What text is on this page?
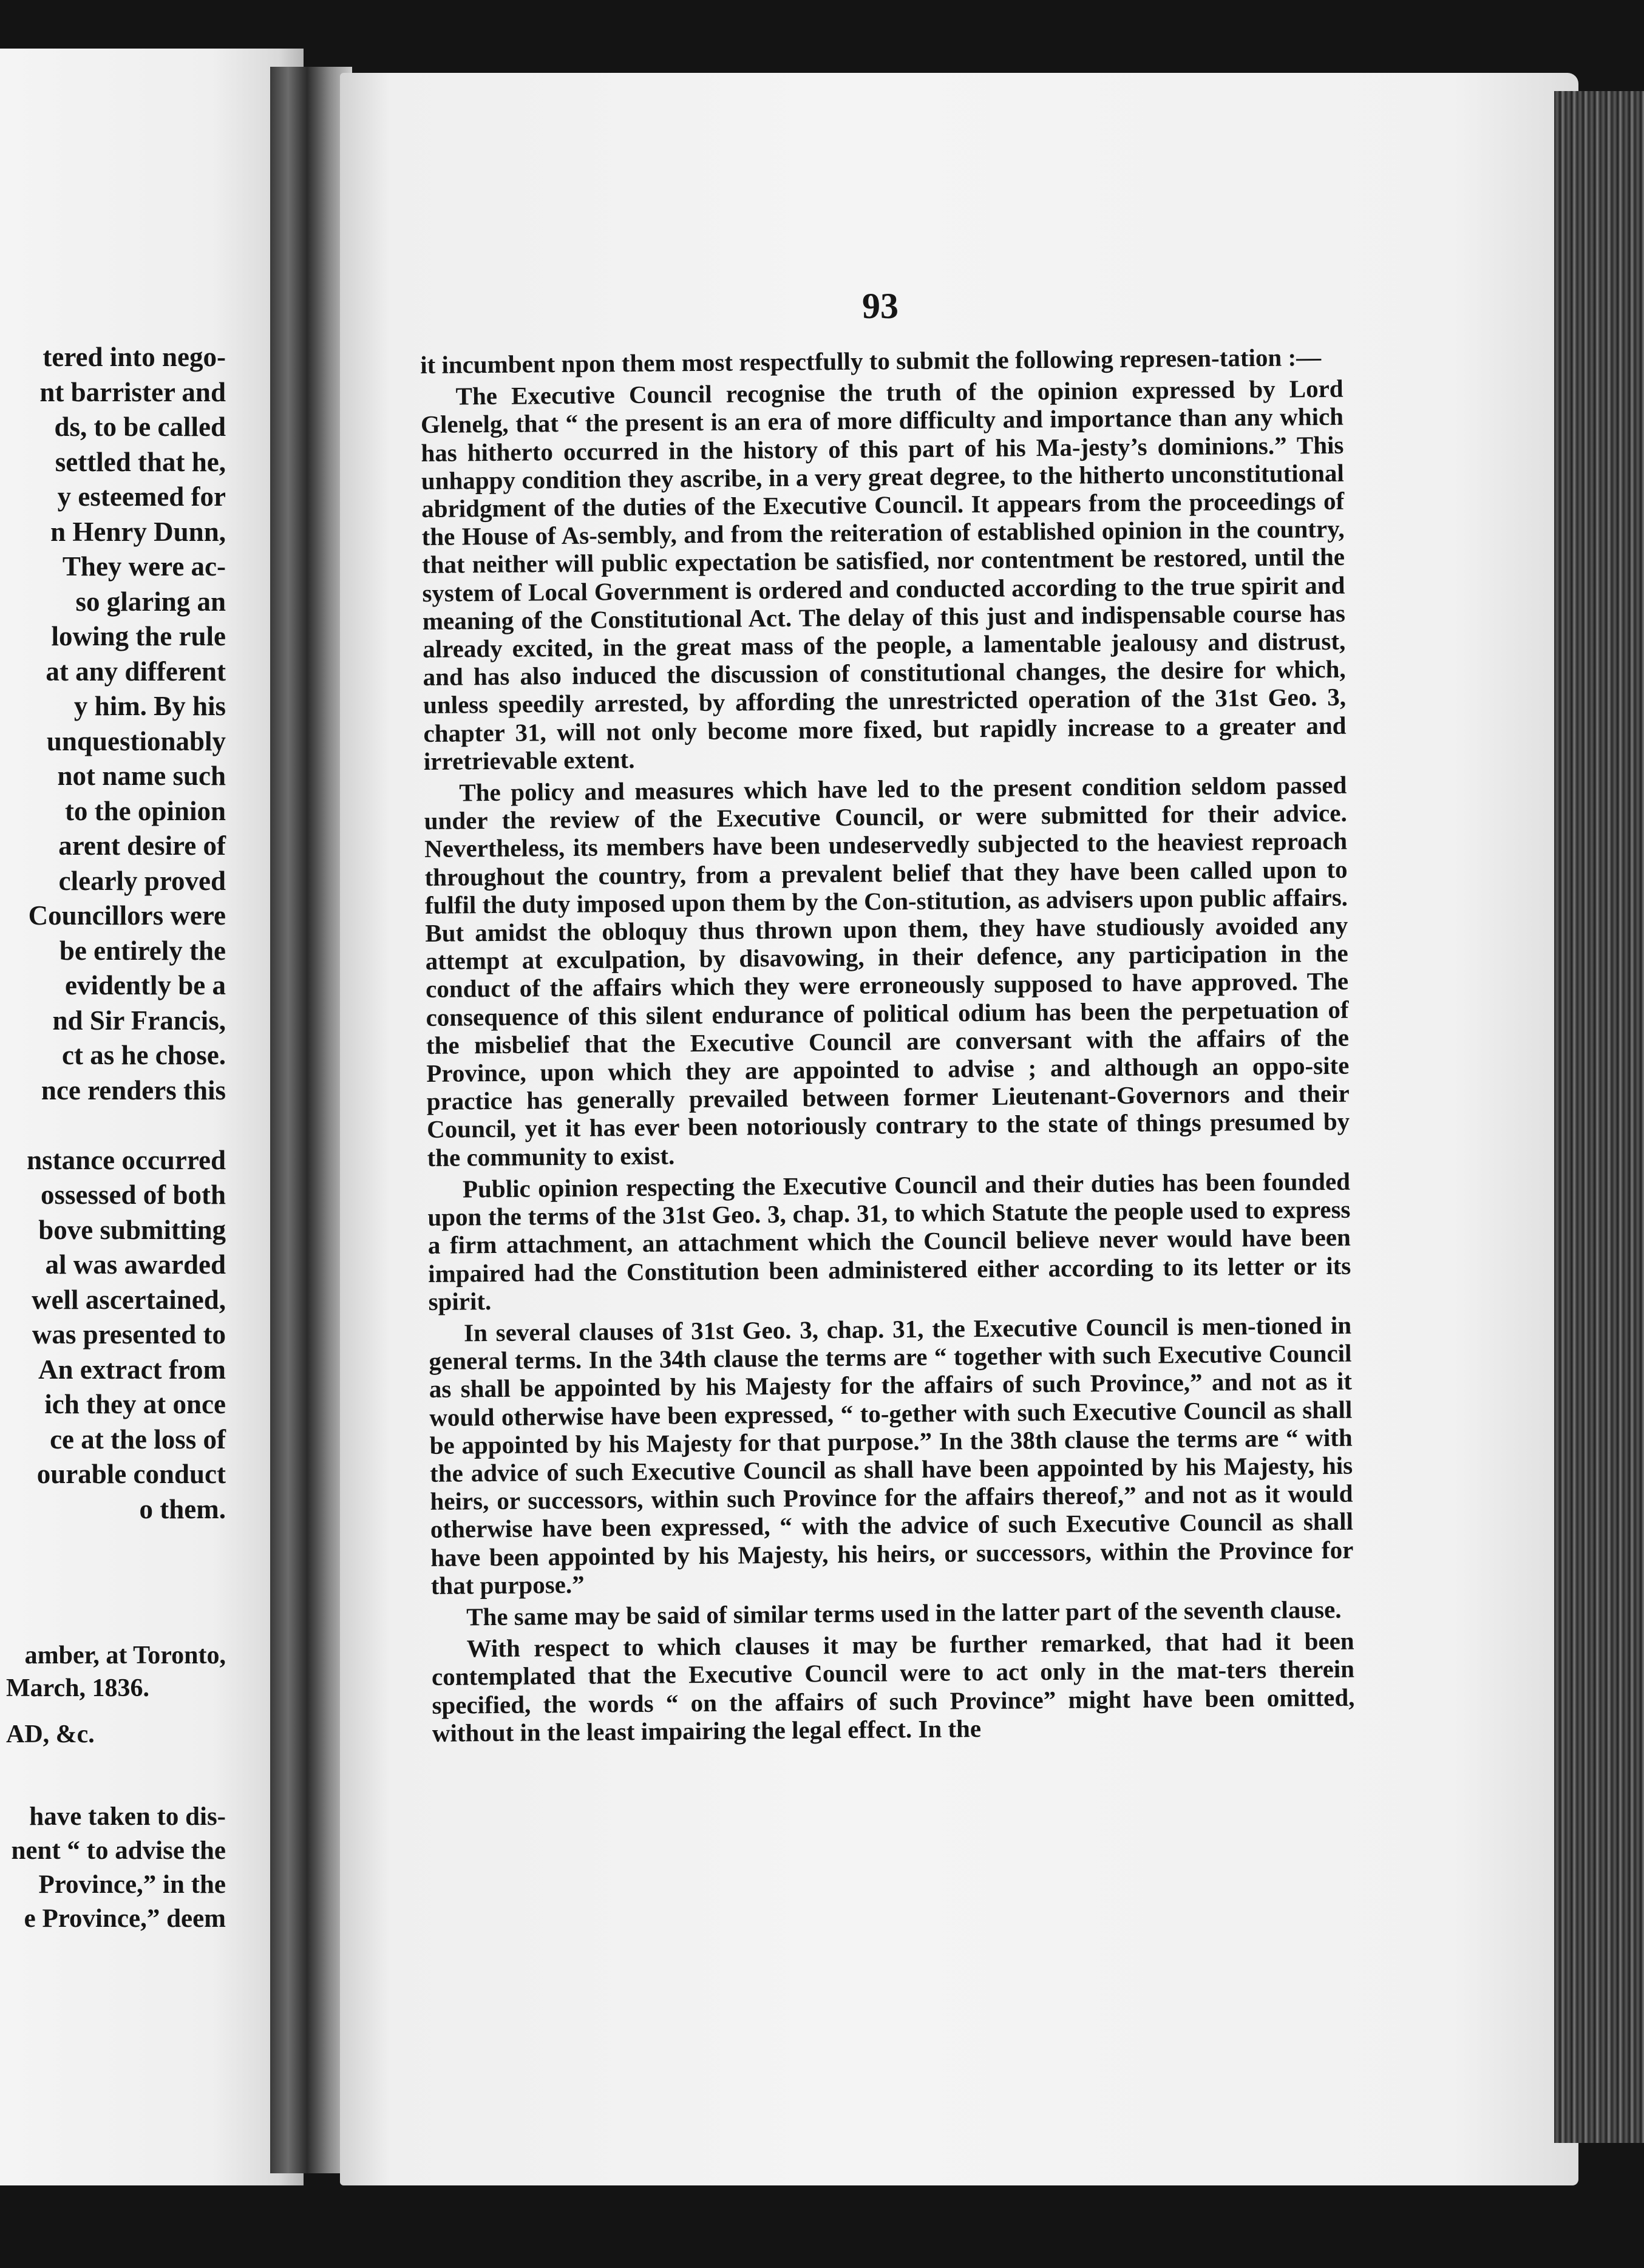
tered into nego-
nt barrister and
ds, to be called
settled that he,
y esteemed for
n Henry Dunn,
They were ac-
so glaring an
lowing the rule
at any different
y him. By his
unquestionably
not name such
to the opinion
arent desire of
clearly proved
Councillors were
be entirely the
evidently be a
nd Sir Francis,
ct as he chose.
nce renders this
nstance occurred
ossessed of both
bove submitting
al was awarded
well ascertained,
was presented to
An extract from
ich they at once
ce at the loss of
ourable conduct
o them.
amber, at Toronto,
March, 1836.
AD, &c.
have taken to dis-
nent “ to advise the
Province,” in the
e Province,” deem
93

it incumbent npon them most respectfully to submit the following represen-tation :—

The Executive Council recognise the truth of the opinion expressed by Lord Glenelg, that “ the present is an era of more difficulty and importance than any which has hitherto occurred in the history of this part of his Ma-jesty’s dominions.” This unhappy condition they ascribe, in a very great degree, to the hitherto unconstitutional abridgment of the duties of the Executive Council. It appears from the proceedings of the House of As-sembly, and from the reiteration of established opinion in the country, that neither will public expectation be satisfied, nor contentment be restored, until the system of Local Government is ordered and conducted according to the true spirit and meaning of the Constitutional Act. The delay of this just and indispensable course has already excited, in the great mass of the people, a lamentable jealousy and distrust, and has also induced the discussion of constitutional changes, the desire for which, unless speedily arrested, by affording the unrestricted operation of the 31st Geo. 3, chapter 31, will not only become more fixed, but rapidly increase to a greater and irretrievable extent.

The policy and measures which have led to the present condition seldom passed under the review of the Executive Council, or were submitted for their advice. Nevertheless, its members have been undeservedly subjected to the heaviest reproach throughout the country, from a prevalent belief that they have been called upon to fulfil the duty imposed upon them by the Con-stitution, as advisers upon public affairs. But amidst the obloquy thus thrown upon them, they have studiously avoided any attempt at exculpation, by disavowing, in their defence, any participation in the conduct of the affairs which they were erroneously supposed to have approved. The consequence of this silent endurance of political odium has been the perpetuation of the misbelief that the Executive Council are conversant with the affairs of the Province, upon which they are appointed to advise ; and although an oppo-site practice has generally prevailed between former Lieutenant-Governors and their Council, yet it has ever been notoriously contrary to the state of things presumed by the community to exist.

Public opinion respecting the Executive Council and their duties has been founded upon the terms of the 31st Geo. 3, chap. 31, to which Statute the people used to express a firm attachment, an attachment which the Council believe never would have been impaired had the Constitution been administered either according to its letter or its spirit.

In several clauses of 31st Geo. 3, chap. 31, the Executive Council is men-tioned in general terms. In the 34th clause the terms are “ together with such Executive Council as shall be appointed by his Majesty for the affairs of such Province,” and not as it would otherwise have been expressed, “ to-gether with such Executive Council as shall be appointed by his Majesty for that purpose.” In the 38th clause the terms are “ with the advice of such Executive Council as shall have been appointed by his Majesty, his heirs, or successors, within such Province for the affairs thereof,” and not as it would otherwise have been expressed, “ with the advice of such Executive Council as shall have been appointed by his Majesty, his heirs, or successors, within the Province for that purpose.”

The same may be said of similar terms used in the latter part of the seventh clause.

With respect to which clauses it may be further remarked, that had it been contemplated that the Executive Council were to act only in the mat-ters therein specified, the words “ on the affairs of such Province” might have been omitted, without in the least impairing the legal effect. In the
